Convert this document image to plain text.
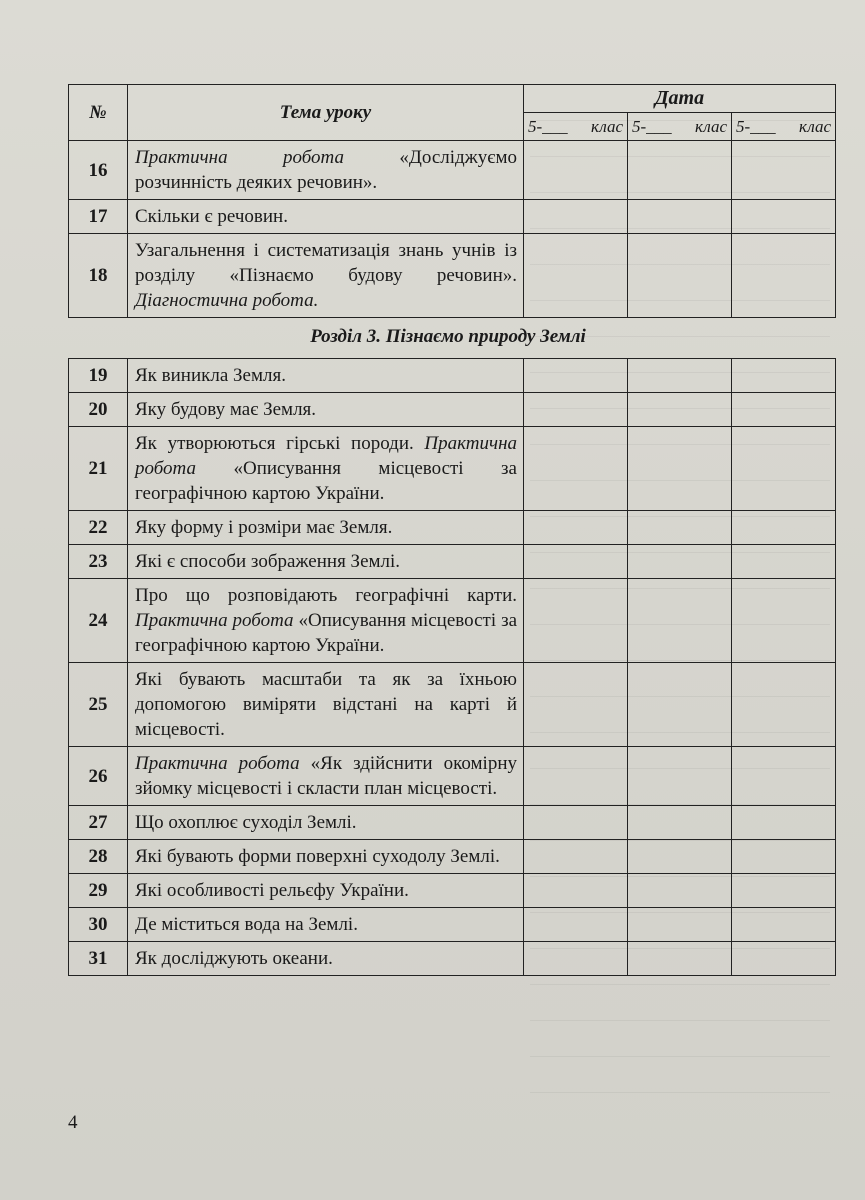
№	Тема уроку	Дата		

		5-___ клас	5-___ клас	5-___ клас

16	Практична робота «Досліджуємо розчинність деяких речовин».			
17	Скільки є речовин.			
18	Узагальнення і систематизація знань учнів із розділу «Пізнаємо будову речовин». Діагностична робота.			
Розділ 3. Пізнаємо природу Землі
19	Як виникла Земля.			
20	Яку будову має Земля.			
21	Як утворюються гірські породи. Практична робота «Описування місцевості за географічною картою України.			
22	Яку форму і розміри має Земля.			
23	Які є способи зображення Землі.			
24	Про що розповідають географічні карти. Практична робота «Описування місцевості за географічною картою України.			
25	Які бувають масштаби та як за їхньою допомогою виміряти відстані на карті й місцевості.			
26	Практична робота «Як здійснити окомірну зйомку місцевості і скласти план місцевості.			
27	Що охоплює суходіл Землі.			
28	Які бувають форми поверхні суходолу Землі.			
29	Які особливості рельєфу України.			
30	Де міститься вода на Землі.			
31	Як досліджують океани.			
4
